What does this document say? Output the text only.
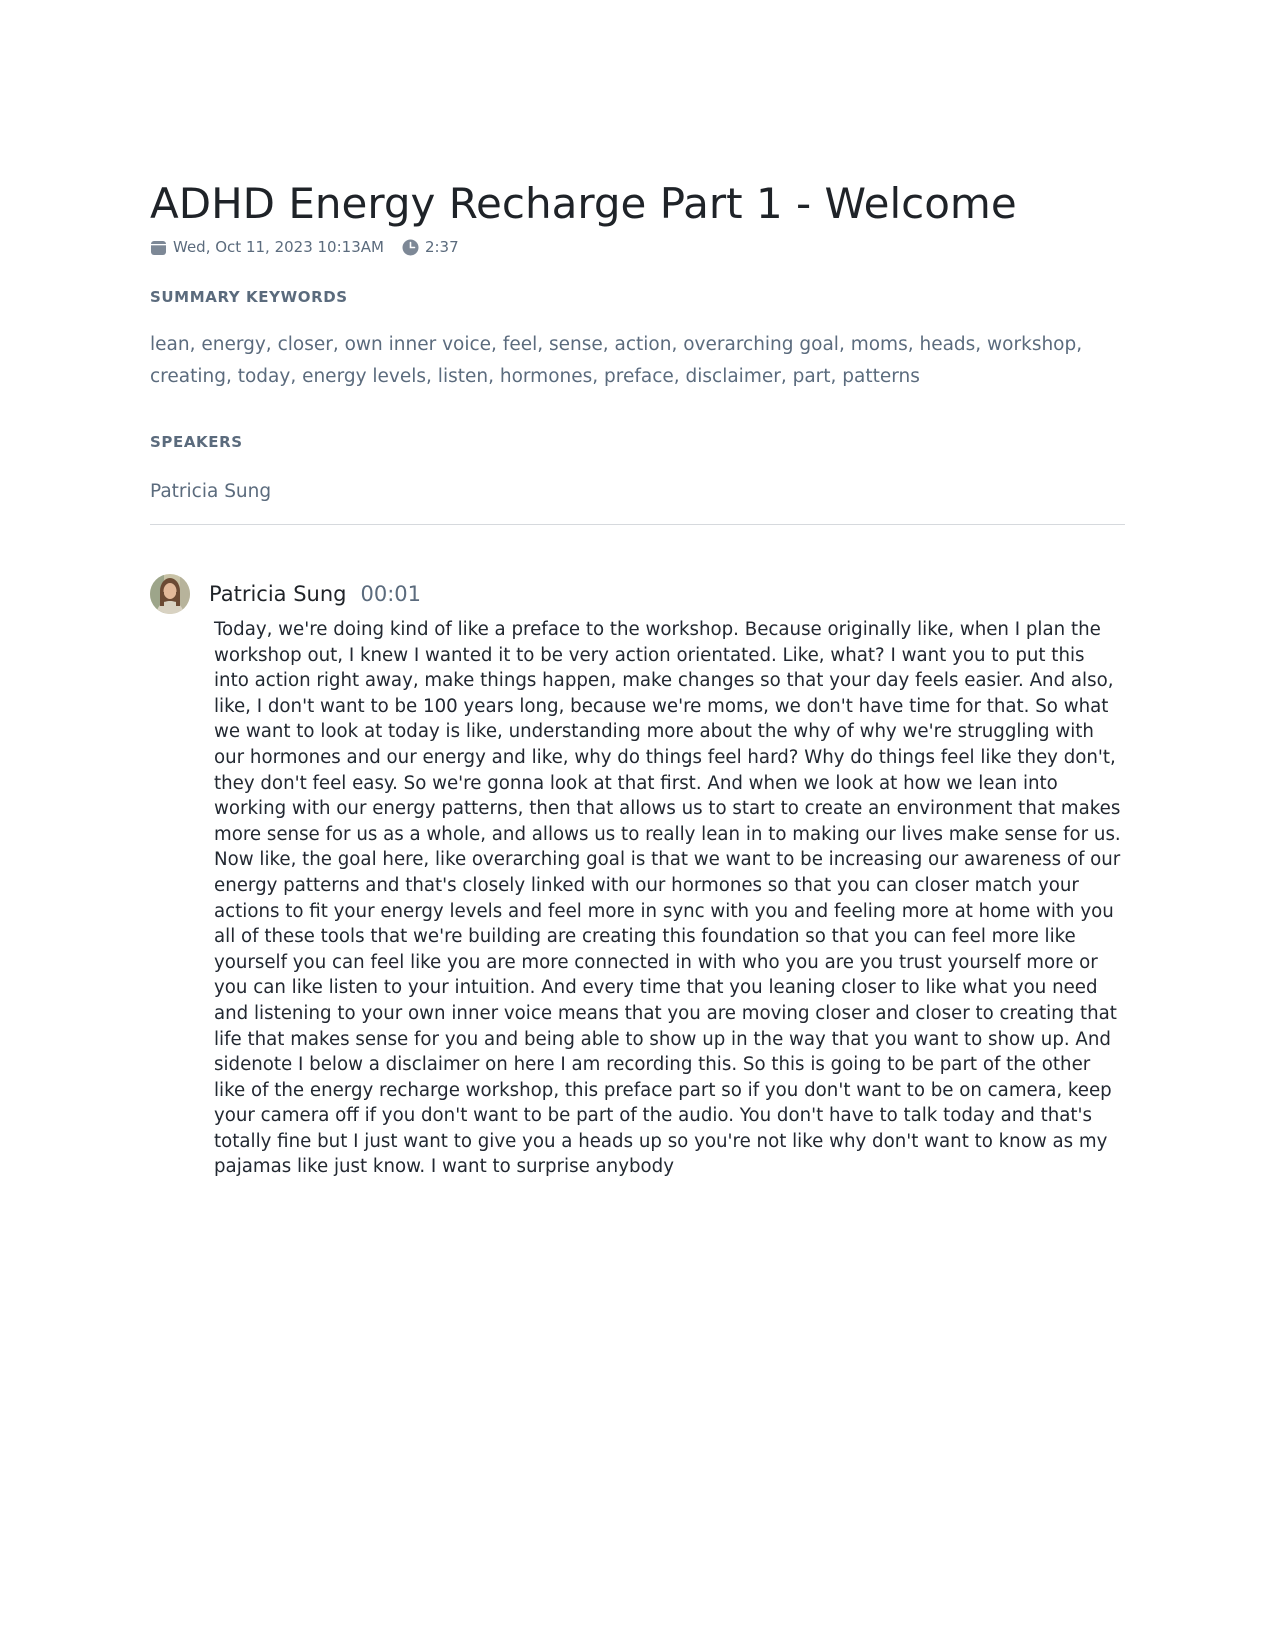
ADHD Energy Recharge Part 1 - Welcome
Wed, Oct 11, 2023 10:13AM	2:37
SUMMARY KEYWORDS
lean, energy, closer, own inner voice, feel, sense, action, overarching goal, moms, heads, workshop, creating, today, energy levels, listen, hormones, preface, disclaimer, part, patterns
SPEAKERS
Patricia Sung
Patricia Sung 00:01
Today, we're doing kind of like a preface to the workshop. Because originally like, when I plan the workshop out, I knew I wanted it to be very action orientated. Like, what? I want you to put this into action right away, make things happen, make changes so that your day feels easier. And also, like, I don't want to be 100 years long, because we're moms, we don't have time for that. So what we want to look at today is like, understanding more about the why of why we're struggling with our hormones and our energy and like, why do things feel hard? Why do things feel like they don't, they don't feel easy. So we're gonna look at that first. And when we look at how we lean into working with our energy patterns, then that allows us to start to create an environment that makes more sense for us as a whole, and allows us to really lean in to making our lives make sense for us. Now like, the goal here, like overarching goal is that we want to be increasing our awareness of our energy patterns and that's closely linked with our hormones so that you can closer match your actions to fit your energy levels and feel more in sync with you and feeling more at home with you all of these tools that we're building are creating this foundation so that you can feel more like yourself you can feel like you are more connected in with who you are you trust yourself more or you can like listen to your intuition. And every time that you leaning closer to like what you need and listening to your own inner voice means that you are moving closer and closer to creating that life that makes sense for you and being able to show up in the way that you want to show up. And sidenote I below a disclaimer on here I am recording this. So this is going to be part of the other like of the energy recharge workshop, this preface part so if you don't want to be on camera, keep your camera off if you don't want to be part of the audio. You don't have to talk today and that's totally fine but I just want to give you a heads up so you're not like why don't want to know as my pajamas like just know. I want to surprise anybody
